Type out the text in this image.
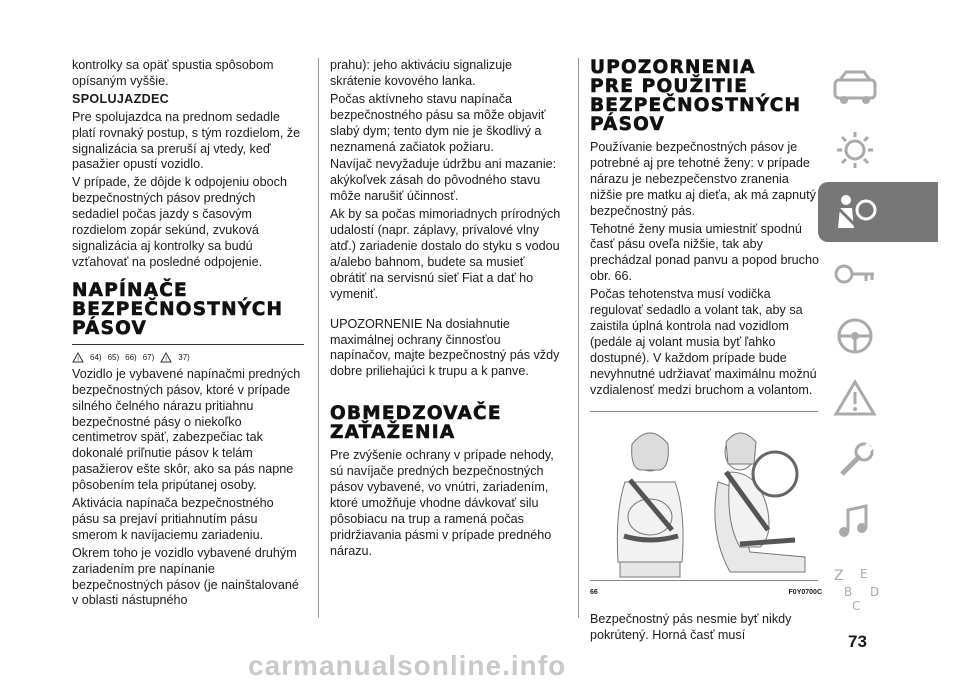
kontrolky sa opäť spustia spôsobom opísaným vyššie.

SPOLUJAZDEC

Pre spolujazdca na prednom sedadle platí rovnaký postup, s tým rozdielom, že signalizácia sa preruší aj vtedy, keď pasažier opustí vozidlo.

V prípade, že dôjde k odpojeniu oboch bezpečnostných pásov predných sedadiel počas jazdy s časovým rozdielom zopár sekúnd, zvuková signalizácia aj kontrolky sa budú vzťahovať na posledné odpojenie.

NAPÍNAČE
BEZPEČNOSTNÝCH
PÁSOV
! 64) 65) 66) 67) ! 37)

Vozidlo je vybavené napínačmi predných bezpečnostných pásov, ktoré v prípade silného čelného nárazu pritiahnu bezpečnostné pásy o niekoľko centimetrov späť, zabezpečiac tak dokonalé priľnutie pásov k telám pasažierov ešte skôr, ako sa pás napne pôsobením tela pripútanej osoby.

Aktivácia napínača bezpečnostného pásu sa prejaví pritiahnutím pásu smerom k navíjaciemu zariadeniu.

Okrem toho je vozidlo vybavené druhým zariadením pre napínanie bezpečnostných pásov (je nainštalované v oblasti nástupného

prahu): jeho aktiváciu signalizuje skrátenie kovového lanka.

Počas aktívneho stavu napínača bezpečnostného pásu sa môže objaviť slabý dym; tento dym nie je škodlivý a neznamená začiatok požiaru.

Navíjač nevyžaduje údržbu ani mazanie: akýkoľvek zásah do pôvodného stavu môže narušiť účinnosť.

Ak by sa počas mimoriadnych prírodných udalostí (napr. záplavy, prívalové vlny atď.) zariadenie dostalo do styku s vodou a/alebo bahnom, budete sa musieť obrátiť na servisnú sieť Fiat a dať ho vymeniť.

UPOZORNENIE Na dosiahnutie maximálnej ochrany činnosťou napínačov, majte bezpečnostný pás vždy dobre priliehajúci k trupu a k panve.

OBMEDZOVAČE
ZAŤAŽENIA

Pre zvýšenie ochrany v prípade nehody, sú navíjače predných bezpečnostných pásov vybavené, vo vnútri, zariadením, ktoré umožňuje vhodne dávkovať silu pôsobiacu na trup a ramená počas pridržiavania pásmi v prípade predného nárazu.

UPOZORNENIA
PRE POUŽITIE
BEZPEČNOSTNÝCH
PÁSOV

Používanie bezpečnostných pásov je potrebné aj pre tehotné ženy: v prípade nárazu je nebezpečenstvo zranenia nižšie pre matku aj dieťa, ak má zapnutý bezpečnostný pás.

Tehotné ženy musia umiestniť spodnú časť pásu oveľa nižšie, tak aby prechádzal ponad panvu a popod brucho obr. 66.

Počas tehotenstva musí vodička regulovať sedadlo a volant tak, aby sa zaistila úplná kontrola nad vozidlom (pedále aj volant musia byť ľahko dostupné). V každom prípade bude nevyhnutné udržiavať maximálnu možnú vzdialenosť medzi bruchom a volantom.

66	F0Y0700C

Bezpečnostný pás nesmie byť nikdy pokrútený. Horná časť musí

Z E
B D
C
73
carmanualsonline.info
